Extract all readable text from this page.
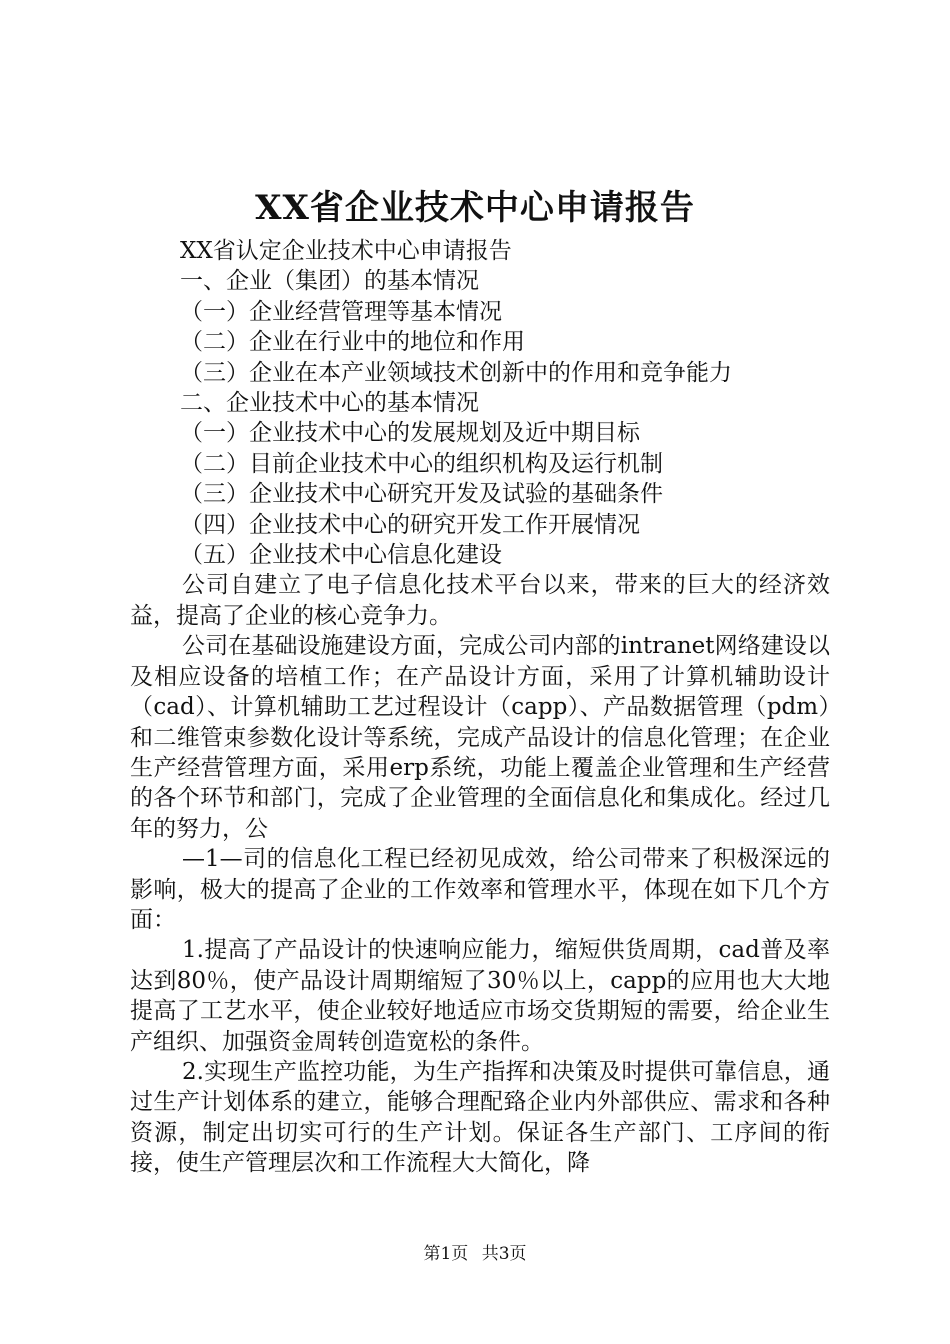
XX省企业技术中心申请报告
XX省认定企业技术中心申请报告
一、企业（集团）的基本情况
（一）企业经营管理等基本情况
（二）企业在行业中的地位和作用
（三）企业在本产业领域技术创新中的作用和竞争能力
二、企业技术中心的基本情况
（一）企业技术中心的发展规划及近中期目标
（二）目前企业技术中心的组织机构及运行机制
（三）企业技术中心研究开发及试验的基础条件
（四）企业技术中心的研究开发工作开展情况
（五）企业技术中心信息化建设

公司自建立了电子信息化技术平台以来，带来的巨大的经济效益，提高了企业的核心竞争力。

公司在基础设施建设方面，完成公司内部的intranet网络建设以及相应设备的培植工作；在产品设计方面，采用了计算机辅助设计（cad）、计算机辅助工艺过程设计（capp）、产品数据管理（pdm）和二维管束参数化设计等系统，完成产品设计的信息化管理；在企业生产经营管理方面，采用erp系统，功能上覆盖企业管理和生产经营的各个环节和部门，完成了企业管理的全面信息化和集成化。经过几年的努力，公

—1—司的信息化工程已经初见成效，给公司带来了积极深远的影响，极大的提高了企业的工作效率和管理水平，体现在如下几个方面：

1.提高了产品设计的快速响应能力，缩短供货周期，cad普及率达到80％，使产品设计周期缩短了30％以上，capp的应用也大大地提高了工艺水平，使企业较好地适应市场交货期短的需要，给企业生产组织、加强资金周转创造宽松的条件。

2.实现生产监控功能，为生产指挥和决策及时提供可靠信息，通过生产计划体系的建立，能够合理配臵企业内外部供应、需求和各种资源，制定出切实可行的生产计划。保证各生产部门、工序间的衔接，使生产管理层次和工作流程大大简化，降

第1页 共3页
